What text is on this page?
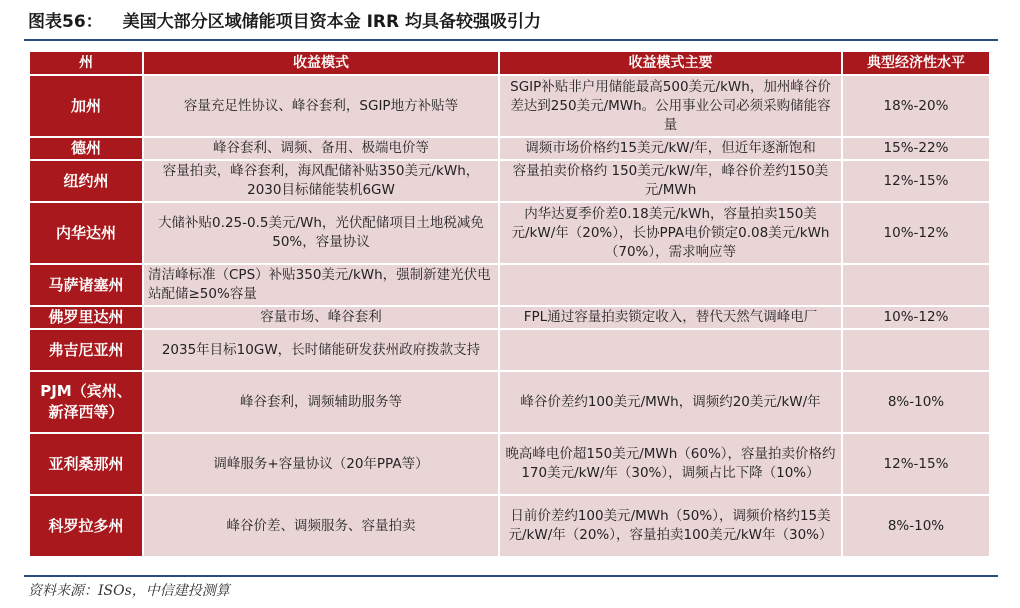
图表56： 美国大部分区域储能项目资本金 IRR 均具备较强吸引力
州	收益模式	收益模式主要	典型经济性水平
加州	容量充足性协议、峰谷套利，SGIP地方补贴等	SGIP补贴非户用储能最高500美元/kWh，加州峰谷价差达到250美元/MWh。公用事业公司必须采购储能容量	18%-20%
德州	峰谷套利、调频、备用、极端电价等	调频市场价格约15美元/kW/年，但近年逐渐饱和	15%-22%
纽约州	容量拍卖，峰谷套利，海风配储补贴350美元/kWh，2030目标储能装机6GW	容量拍卖价格约 150美元/kW/年，峰谷价差约150美元/MWh	12%-15%
内华达州	大储补贴0.25-0.5美元/Wh，光伏配储项目土地税减免50%，容量协议	内华达夏季价差0.18美元/kWh，容量拍卖150美元/kW/年（20%），长协PPA电价锁定0.08美元/kWh（70%），需求响应等	10%-12%
马萨诸塞州	清洁峰标准（CPS）补贴350美元/kWh，强制新建光伏电站配储≥50%容量		
佛罗里达州	容量市场、峰谷套利	FPL通过容量拍卖锁定收入，替代天然气调峰电厂	10%-12%
弗吉尼亚州	2035年目标10GW，长时储能研发获州政府拨款支持		
PJM（宾州、新泽西等）	峰谷套利，调频辅助服务等	峰谷价差约100美元/MWh，调频约20美元/kW/年	8%-10%
亚利桑那州	调峰服务+容量协议（20年PPA等）	晚高峰电价超150美元/MWh（60%），容量拍卖价格约170美元/kW/年（30%），调频占比下降（10%）	12%-15%
科罗拉多州	峰谷价差、调频服务、容量拍卖	日前价差约100美元/MWh（50%），调频价格约15美元/kW/年（20%），容量拍卖100美元/kW年（30%）	8%-10%
资料来源：ISOs，中信建投测算
